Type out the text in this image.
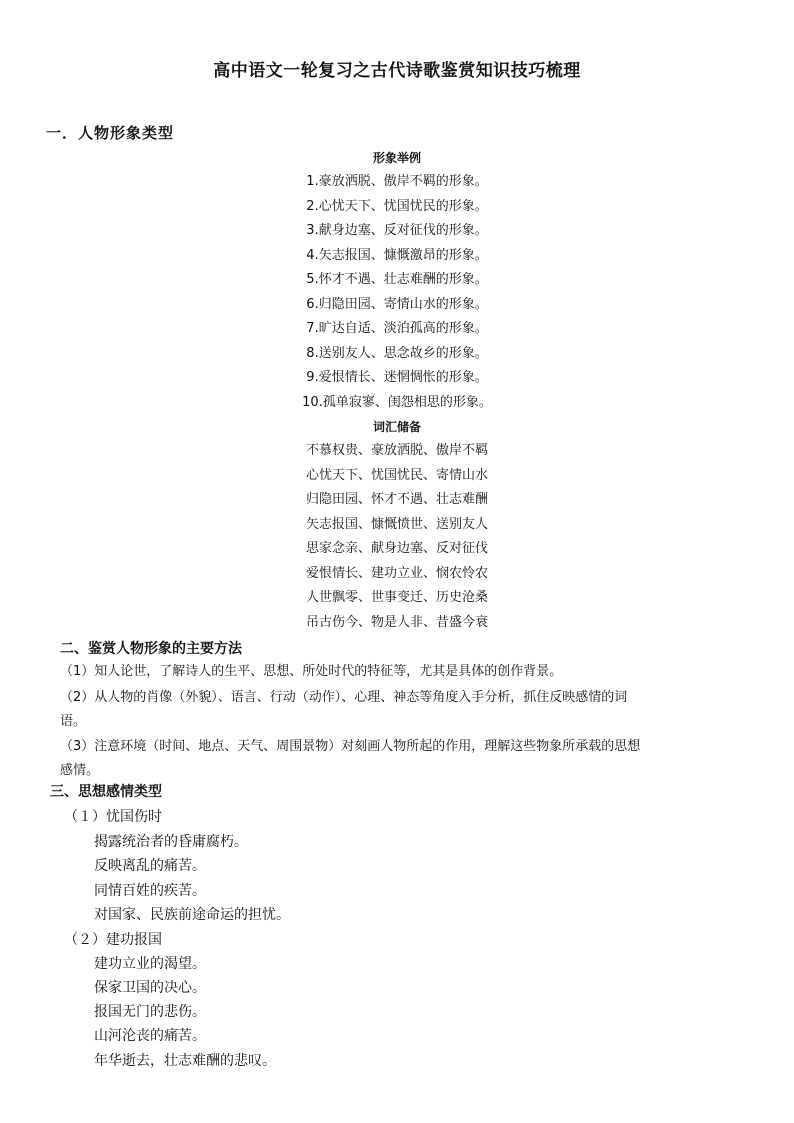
高中语文一轮复习之古代诗歌鉴赏知识技巧梳理
一．人物形象类型
形象举例
1.豪放洒脱、傲岸不羁的形象。
2.心忧天下、忧国忧民的形象。
3.献身边塞、反对征伐的形象。
4.矢志报国、慷慨激昂的形象。
5.怀才不遇、壮志难酬的形象。
6.归隐田园、寄情山水的形象。
7.旷达自适、淡泊孤高的形象。
8.送别友人、思念故乡的形象。
9.爱恨情长、迷惘惆怅的形象。
10.孤单寂寥、闺怨相思的形象。
词汇储备
不慕权贵、豪放洒脱、傲岸不羁
心忧天下、忧国忧民、寄情山水
归隐田园、怀才不遇、壮志难酬
矢志报国、慷慨愤世、送别友人
思家念亲、献身边塞、反对征伐
爱恨情长、建功立业、悯农怜农
人世飘零、世事变迁、历史沧桑
吊古伤今、物是人非、昔盛今衰
二、鉴赏人物形象的主要方法
（1）知人论世，了解诗人的生平、思想、所处时代的特征等，尤其是具体的创作背景。
（2）从人物的肖像（外貌）、语言、行动（动作）、心理、神态等角度入手分析，抓住反映感情的词
语。
（3）注意环境（时间、地点、天气、周围景物）对刻画人物所起的作用，理解这些物象所承载的思想
感情。
三、思想感情类型
（１）忧国伤时
揭露统治者的昏庸腐朽。
反映离乱的痛苦。
同情百姓的疾苦。
对国家、民族前途命运的担忧。
（２）建功报国
建功立业的渴望。
保家卫国的决心。
报国无门的悲伤。
山河沦丧的痛苦。
年华逝去，壮志难酬的悲叹。
